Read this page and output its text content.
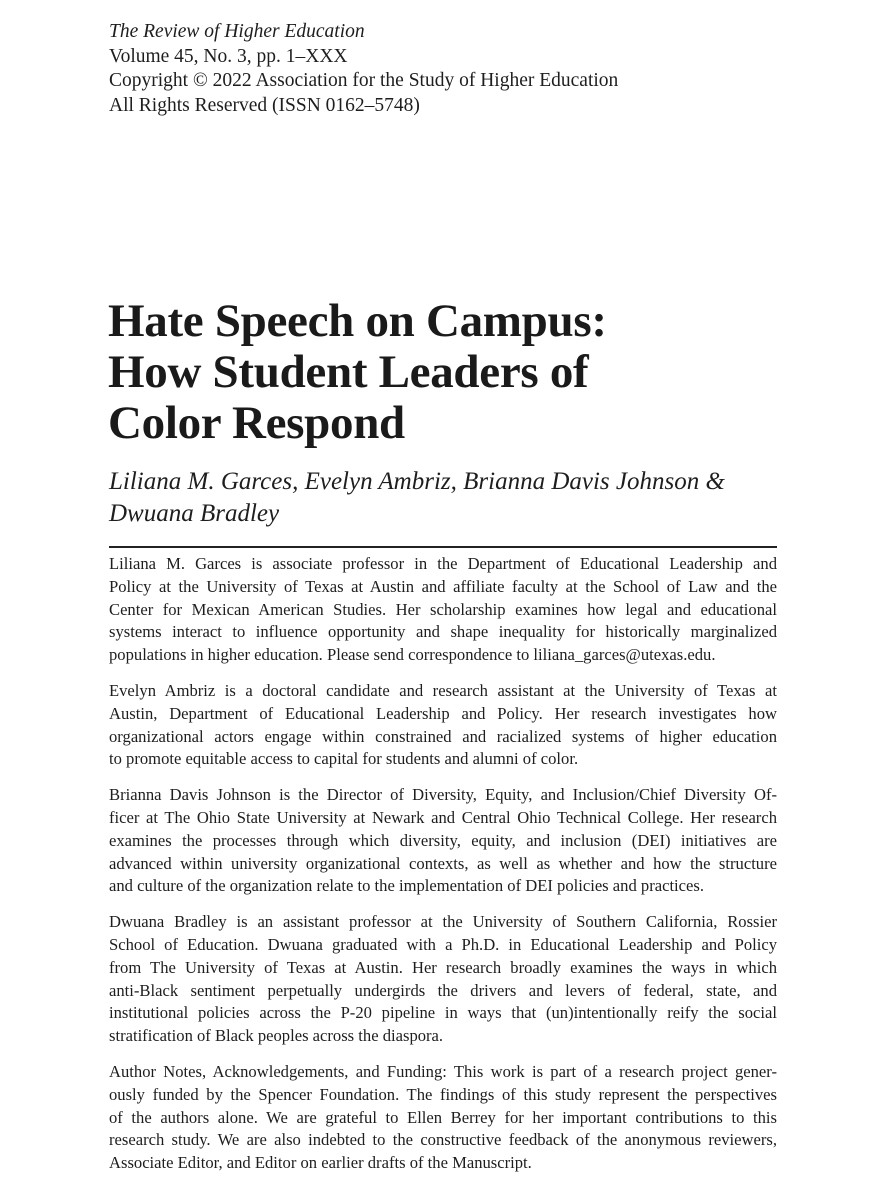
The Review of Higher Education
Volume 45, No. 3, pp. 1–XXX
Copyright © 2022 Association for the Study of Higher Education
All Rights Reserved (ISSN 0162–5748)
Hate Speech on Campus:
How Student Leaders of
Color Respond
Liliana M. Garces, Evelyn Ambriz, Brianna Davis Johnson &
Dwuana Bradley

Liliana M. Garces is associate professor in the Department of Educational Leadership and
Policy at the University of Texas at Austin and affiliate faculty at the School of Law and the
Center for Mexican American Studies. Her scholarship examines how legal and educational
systems interact to influence opportunity and shape inequality for historically marginalized
populations in higher education. Please send correspondence to liliana_garces@utexas.edu.

Evelyn Ambriz is a doctoral candidate and research assistant at the University of Texas at
Austin, Department of Educational Leadership and Policy. Her research investigates how
organizational actors engage within constrained and racialized systems of higher education
to promote equitable access to capital for students and alumni of color.

Brianna Davis Johnson is the Director of Diversity, Equity, and Inclusion/Chief Diversity Of-
ficer at The Ohio State University at Newark and Central Ohio Technical College. Her research
examines the processes through which diversity, equity, and inclusion (DEI) initiatives are
advanced within university organizational contexts, as well as whether and how the structure
and culture of the organization relate to the implementation of DEI policies and practices.

Dwuana Bradley is an assistant professor at the University of Southern California, Rossier
School of Education. Dwuana graduated with a Ph.D. in Educational Leadership and Policy
from The University of Texas at Austin. Her research broadly examines the ways in which
anti-Black sentiment perpetually undergirds the drivers and levers of federal, state, and
institutional policies across the P-20 pipeline in ways that (un)intentionally reify the social
stratification of Black peoples across the diaspora.

Author Notes, Acknowledgements, and Funding: This work is part of a research project gener-
ously funded by the Spencer Foundation. The findings of this study represent the perspectives
of the authors alone. We are grateful to Ellen Berrey for her important contributions to this
research study. We are also indebted to the constructive feedback of the anonymous reviewers,
Associate Editor, and Editor on earlier drafts of the Manuscript.
